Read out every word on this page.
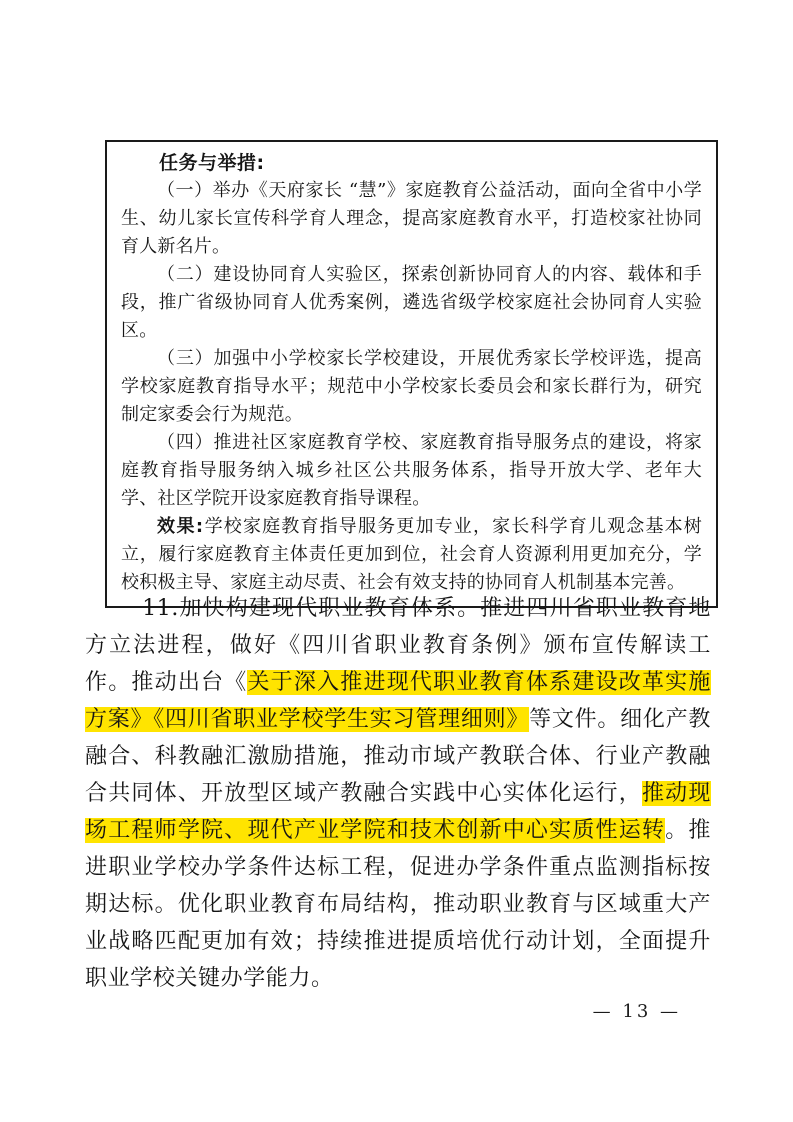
任务与举措:

（一）举办《天府家长 “慧”》家庭教育公益活动，面向全省中小学生、幼儿家长宣传科学育人理念，提高家庭教育水平，打造校家社协同育人新名片。

（二）建设协同育人实验区，探索创新协同育人的内容、载体和手段，推广省级协同育人优秀案例，遴选省级学校家庭社会协同育人实验区。

（三）加强中小学校家长学校建设，开展优秀家长学校评选，提高学校家庭教育指导水平；规范中小学校家长委员会和家长群行为，研究制定家委会行为规范。

（四）推进社区家庭教育学校、家庭教育指导服务点的建设，将家庭教育指导服务纳入城乡社区公共服务体系，指导开放大学、老年大学、社区学院开设家庭教育指导课程。

效果:学校家庭教育指导服务更加专业，家长科学育儿观念基本树立，履行家庭教育主体责任更加到位，社会育人资源利用更加充分，学校积极主导、家庭主动尽责、社会有效支持的协同育人机制基本完善。

11.加快构建现代职业教育体系。推进四川省职业教育地方立法进程，做好《四川省职业教育条例》颁布宣传解读工作。推动出台《关于深入推进现代职业教育体系建设改革实施方案》《四川省职业学校学生实习管理细则》等文件。细化产教融合、科教融汇激励措施，推动市域产教联合体、行业产教融合共同体、开放型区域产教融合实践中心实体化运行，推动现场工程师学院、现代产业学院和技术创新中心实质性运转。推进职业学校办学条件达标工程，促进办学条件重点监测指标按期达标。优化职业教育布局结构，推动职业教育与区域重大产业战略匹配更加有效；持续推进提质培优行动计划，全面提升职业学校关键办学能力。

— 13 —
